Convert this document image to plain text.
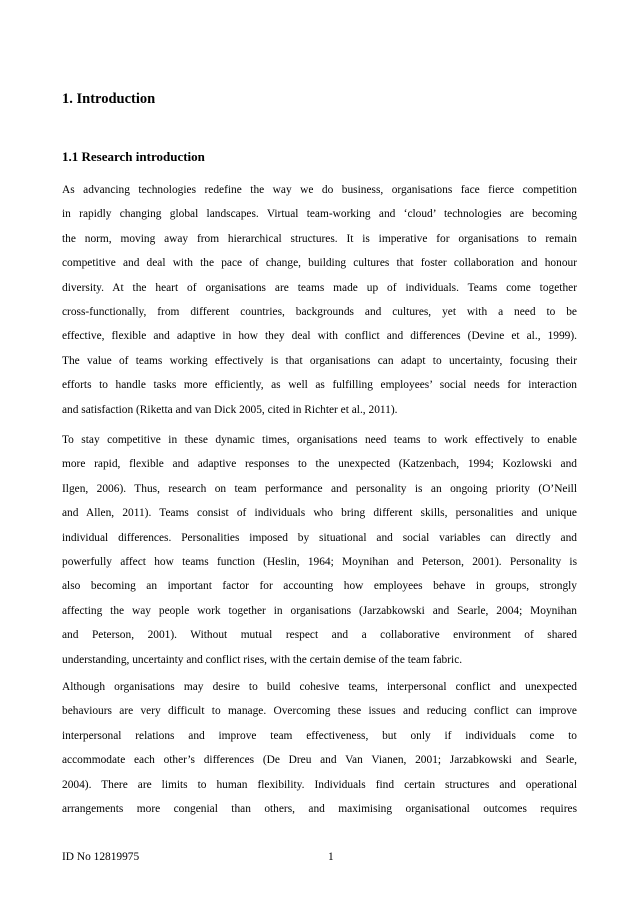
1. Introduction
1.1 Research introduction
As advancing technologies redefine the way we do business, organisations face fierce competition
in rapidly changing global landscapes. Virtual team-working and ‘cloud’ technologies are becoming
the norm, moving away from hierarchical structures. It is imperative for organisations to remain
competitive and deal with the pace of change, building cultures that foster collaboration and honour
diversity. At the heart of organisations are teams made up of individuals. Teams come together
cross-functionally, from different countries, backgrounds and cultures, yet with a need to be
effective, flexible and adaptive in how they deal with conflict and differences (Devine et al., 1999).
The value of teams working effectively is that organisations can adapt to uncertainty, focusing their
efforts to handle tasks more efficiently, as well as fulfilling employees’ social needs for interaction
and satisfaction (Riketta and van Dick 2005, cited in Richter et al., 2011).
To stay competitive in these dynamic times, organisations need teams to work effectively to enable
more rapid, flexible and adaptive responses to the unexpected (Katzenbach, 1994; Kozlowski and
Ilgen, 2006). Thus, research on team performance and personality is an ongoing priority (O’Neill
and Allen, 2011). Teams consist of individuals who bring different skills, personalities and unique
individual differences. Personalities imposed by situational and social variables can directly and
powerfully affect how teams function (Heslin, 1964; Moynihan and Peterson, 2001). Personality is
also becoming an important factor for accounting how employees behave in groups, strongly
affecting the way people work together in organisations (Jarzabkowski and Searle, 2004; Moynihan
and Peterson, 2001). Without mutual respect and a collaborative environment of shared
understanding, uncertainty and conflict rises, with the certain demise of the team fabric.
Although organisations may desire to build cohesive teams, interpersonal conflict and unexpected
behaviours are very difficult to manage. Overcoming these issues and reducing conflict can improve
interpersonal relations and improve team effectiveness, but only if individuals come to
accommodate each other’s differences (De Dreu and Van Vianen, 2001; Jarzabkowski and Searle,
2004). There are limits to human flexibility. Individuals find certain structures and operational
arrangements more congenial than others, and maximising organisational outcomes requires
ID No 12819975	1
